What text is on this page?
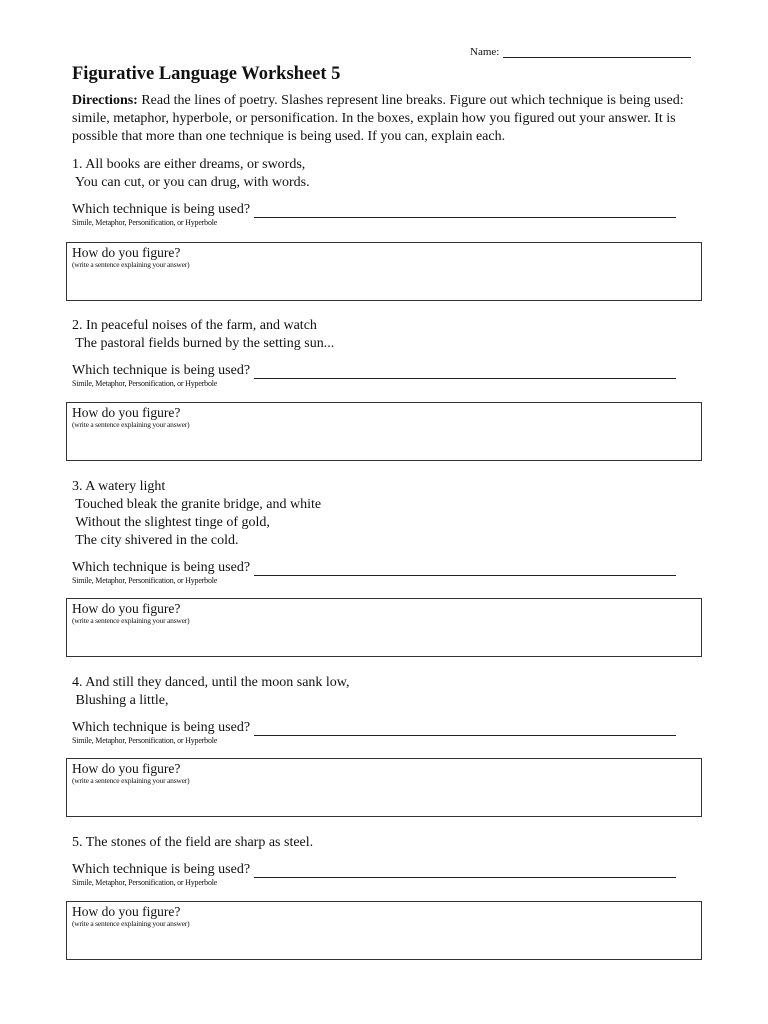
Name:
Figurative Language Worksheet 5

Directions: Read the lines of poetry. Slashes represent line breaks. Figure out which technique is being used: simile, metaphor, hyperbole, or personification. In the boxes, explain how you figured out your answer. It is possible that more than one technique is being used. If you can, explain each.

1. All books are either dreams, or swords,
You can cut, or you can drug, with words.

Which technique is being used?

Simile, Metaphor, Personification, or Hyperbole

How do you figure?

(write a sentence explaining your answer)

2. In peaceful noises of the farm, and watch
The pastoral fields burned by the setting sun...

Which technique is being used?

Simile, Metaphor, Personification, or Hyperbole

How do you figure?

(write a sentence explaining your answer)

3. A watery light
Touched bleak the granite bridge, and white
Without the slightest tinge of gold,
The city shivered in the cold.

Which technique is being used?

Simile, Metaphor, Personification, or Hyperbole

How do you figure?

(write a sentence explaining your answer)

4. And still they danced, until the moon sank low,
Blushing a little,

Which technique is being used?

Simile, Metaphor, Personification, or Hyperbole

How do you figure?

(write a sentence explaining your answer)

5. The stones of the field are sharp as steel.

Which technique is being used?

Simile, Metaphor, Personification, or Hyperbole

How do you figure?

(write a sentence explaining your answer)
